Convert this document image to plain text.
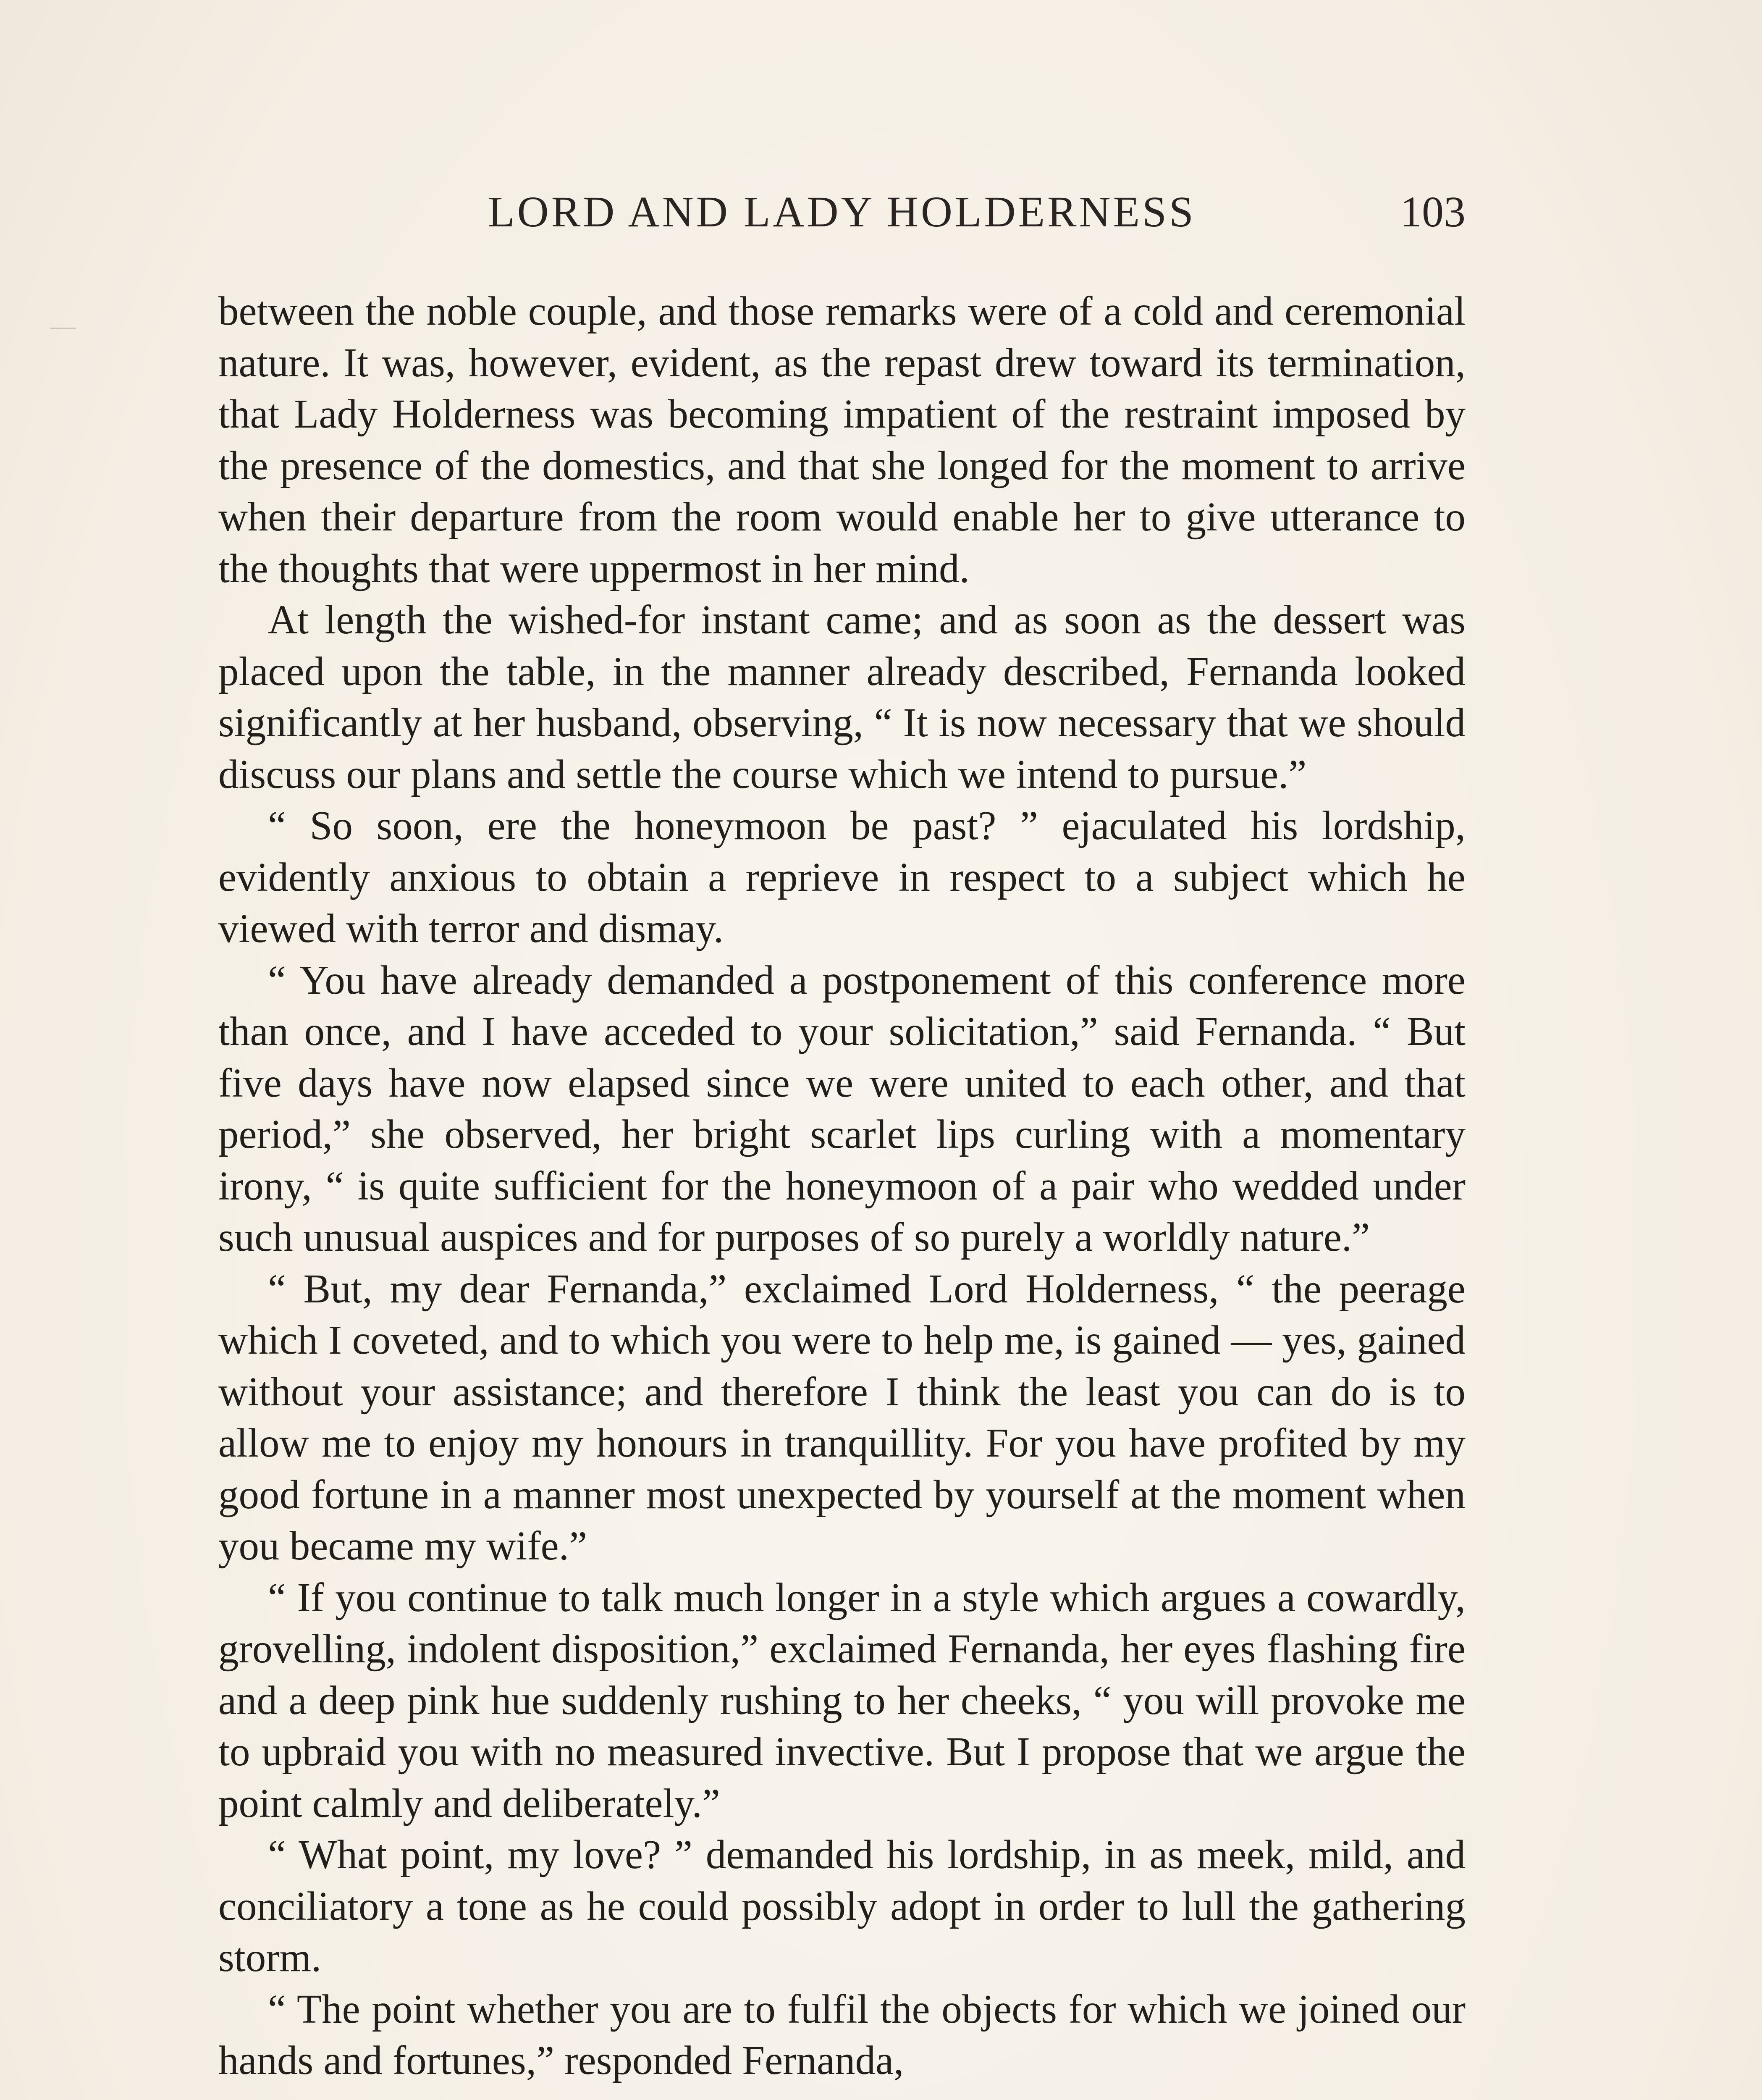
LORD AND LADY HOLDERNESS	103

between the noble couple, and those remarks were of a cold and ceremonial nature. It was, however, evident, as the repast drew toward its termination, that Lady Holderness was becoming impatient of the restraint imposed by the presence of the domestics, and that she longed for the moment to arrive when their departure from the room would enable her to give utterance to the thoughts that were uppermost in her mind.

At length the wished-for instant came; and as soon as the dessert was placed upon the table, in the manner already described, Fernanda looked significantly at her husband, observing, “ It is now necessary that we should discuss our plans and settle the course which we intend to pursue.”

“ So soon, ere the honeymoon be past? ” ejaculated his lordship, evidently anxious to obtain a reprieve in respect to a subject which he viewed with terror and dismay.

“ You have already demanded a postponement of this conference more than once, and I have acceded to your solicitation,” said Fernanda. “ But five days have now elapsed since we were united to each other, and that period,” she observed, her bright scarlet lips curling with a momentary irony, “ is quite sufficient for the honeymoon of a pair who wedded under such unusual auspices and for purposes of so purely a worldly nature.”

“ But, my dear Fernanda,” exclaimed Lord Holderness, “ the peerage which I coveted, and to which you were to help me, is gained — yes, gained without your assistance; and therefore I think the least you can do is to allow me to enjoy my honours in tranquillity. For you have profited by my good fortune in a manner most unexpected by yourself at the moment when you became my wife.”

“ If you continue to talk much longer in a style which argues a cowardly, grovelling, indolent disposition,” exclaimed Fernanda, her eyes flashing fire and a deep pink hue suddenly rushing to her cheeks, “ you will provoke me to upbraid you with no measured invective. But I propose that we argue the point calmly and deliberately.”

“ What point, my love? ” demanded his lordship, in as meek, mild, and conciliatory a tone as he could possibly adopt in order to lull the gathering storm.

“ The point whether you are to fulfil the objects for which we joined our hands and fortunes,” responded Fernanda,
